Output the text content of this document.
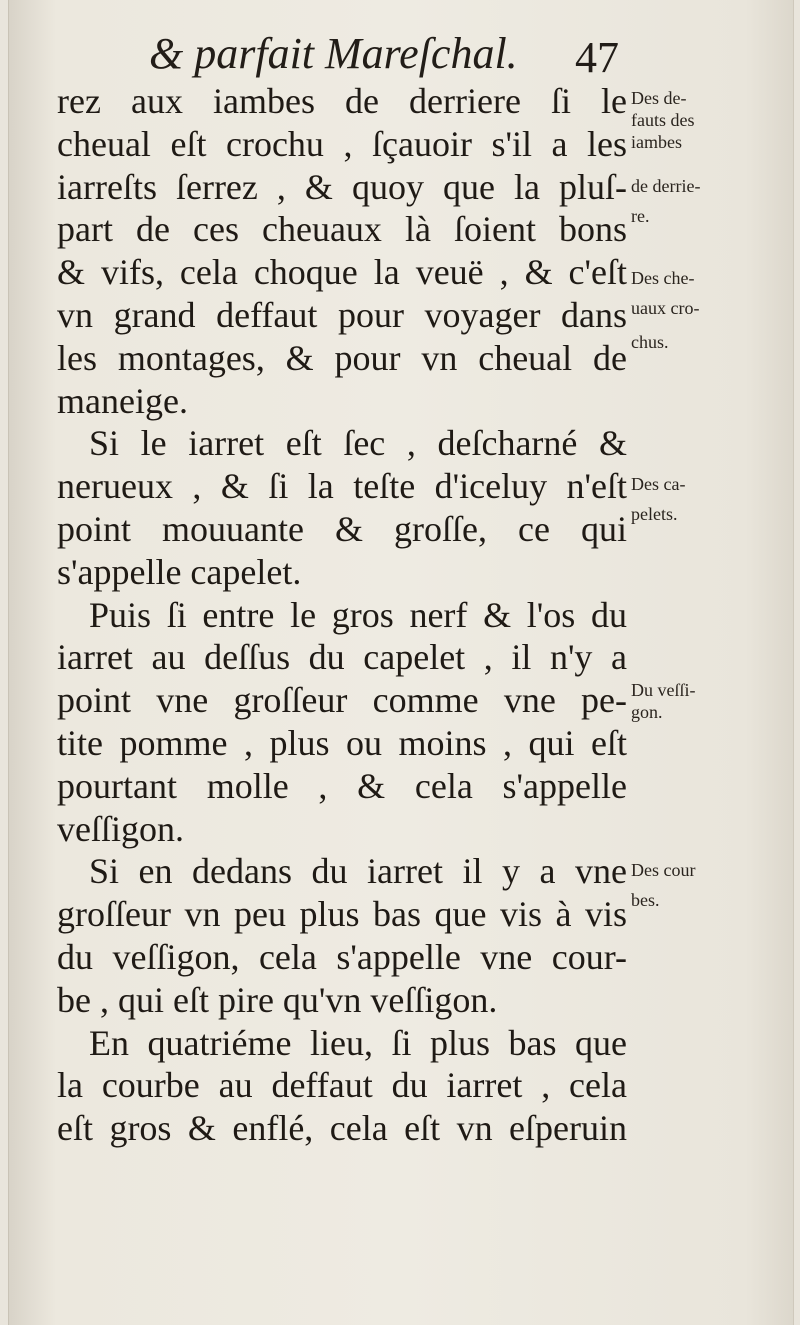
& parfait Mareſchal. 47
rez aux iambes de derriere ſi le
cheual eſt crochu , ſçauoir s'il a les
iarreſts ſerrez , & quoy que la pluſ-
part de ces cheuaux là ſoient bons
& vifs, cela choque la veuë , & c'eſt
vn grand deffaut pour voyager dans
les montages, & pour vn cheual de
maneige.
Si le iarret eſt ſec , deſcharné &
nerueux , & ſi la teſte d'iceluy n'eſt
point mouuante & groſſe, ce qui
s'appelle capelet.
Puis ſi entre le gros nerf & l'os du
iarret au deſſus du capelet , il n'y a
point vne groſſeur comme vne pe-
tite pomme , plus ou moins , qui eſt
pourtant molle , & cela s'appelle
veſſigon.
Si en dedans du iarret il y a vne
groſſeur vn peu plus bas que vis à vis
du veſſigon, cela s'appelle vne cour-
be , qui eſt pire qu'vn veſſigon.
En quatriéme lieu, ſi plus bas que
la courbe au deffaut du iarret , cela
eſt gros & enflé, cela eſt vn eſperuin
Des de-
fauts des
iambes
de derrie-
re.
Des che-
uaux cro-
chus.
Des ca-
pelets.
Du veſſi-
gon.
Des cour
bes.
